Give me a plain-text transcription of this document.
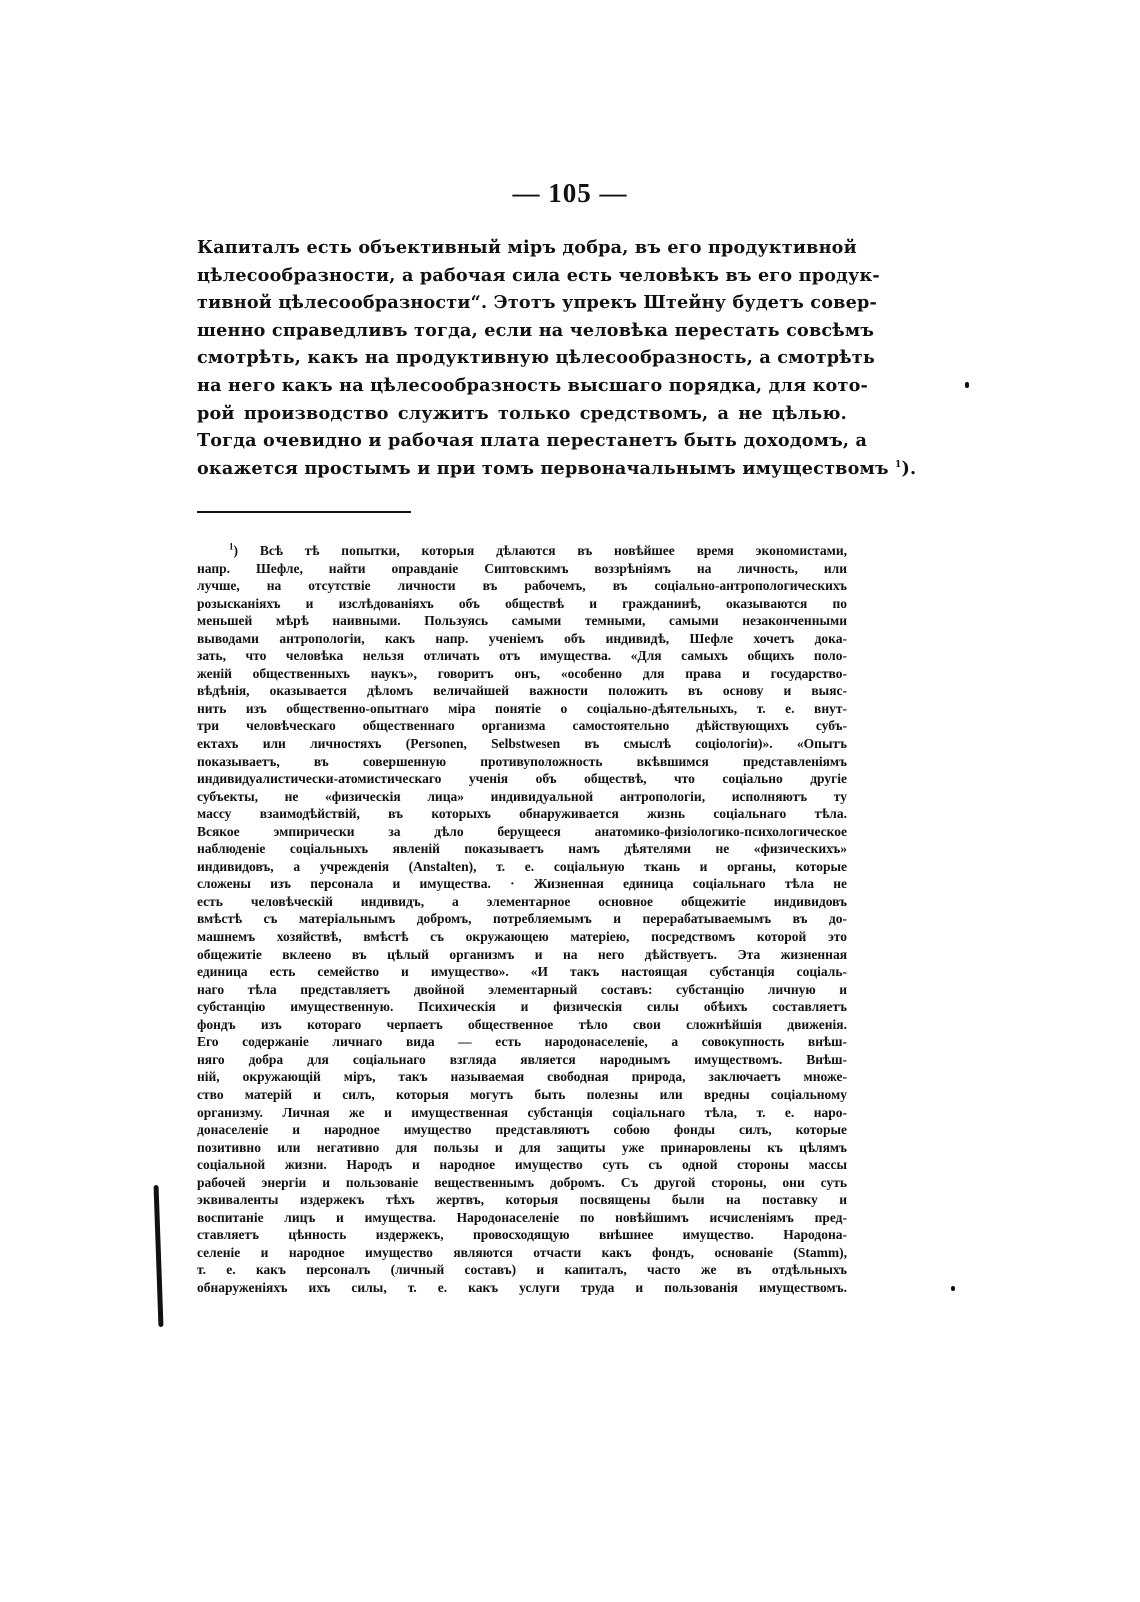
— 105 —
Капиталъ есть объективный міръ добра, въ его продуктивной
цѣлесообразности, а рабочая сила есть человѣкъ въ его продук-
тивной цѣлесообразности“. Этотъ упрекъ Штейну будетъ совер-
шенно справедливъ тогда, если на человѣка перестать совсѣмъ
смотрѣть, какъ на продуктивную цѣлесообразность, а смотрѣть
на него какъ на цѣлесообразность высшаго порядка, для кото-
рой производство служитъ только средствомъ, а не цѣлью.
Тогда очевидно и рабочая плата перестанетъ быть доходомъ, а
окажется простымъ и при томъ первоначальнымъ имуществомъ $^1$).
$^1$) Всѣ тѣ попытки, которыя дѣлаются въ новѣйшее время экономистами,
напр. Шефле, найти оправданіе Сиптовскимъ воззрѣніямъ на личность, или
лучше, на отсутствіе личности въ рабочемъ, въ соціально-антропологическихъ
розысканіяхъ и изслѣдованіяхъ объ обществѣ и гражданинѣ, оказываются по
меньшей мѣрѣ наивными. Пользуясь самыми темными, самыми незаконченными
выводами антропологіи, какъ напр. ученіемъ объ индивидѣ, Шефле хочетъ дока-
зать, что человѣка нельзя отличать отъ имущества. «Для самыхъ общихъ поло-
женій общественныхъ наукъ», говоритъ онъ, «особенно для права и государство-
вѣдѣнія, оказывается дѣломъ величайшей важности положить въ основу и выяс-
нить изъ общественно-опытнаго міра понятіе о соціально-дѣятельныхъ, т. е. внут-
три человѣческаго общественнаго организма самостоятельно дѣйствующихъ субъ-
ектахъ или личностяхъ (Personen, Selbstwesen въ смыслѣ соціологіи)». «Опытъ
показываетъ, въ совершенную противуположность вкѣвшимся представленіямъ
индивидуалистически-атомистическаго ученія объ обществѣ, что соціально другіе
субъекты, не «физическія лица» индивидуальной антропологіи, исполняютъ ту
массу взаимодѣйствій, въ которыхъ обнаруживается жизнь соціальнаго тѣла.
Всякое эмпирически за дѣло берущееся анатомико-физіологико-психологическое
наблюденіе соціальныхъ явленій показываетъ намъ дѣятелями не «физическихъ»
индивидовъ, а учрежденія (Anstalten), т. е. соціальную ткань и органы, которые
сложены изъ персонала и имущества. · Жизненная единица соціальнаго тѣла не
есть человѣческій индивидъ, а элементарное основное общежитіе индивидовъ
вмѣстѣ съ матеріальнымъ добромъ, потребляемымъ и перерабатываемымъ въ до-
машнемъ хозяйствѣ, вмѣстѣ съ окружающею матеріею, посредствомъ которой это
общежитіе вклеено въ цѣлый организмъ и на него дѣйствуетъ. Эта жизненная
единица есть семейство и имущество». «И такъ настоящая субстанція соціаль-
наго тѣла представляетъ двойной элементарный составъ: субстанцію личную и
субстанцію имущественную. Психическія и физическія силы обѣихъ составляетъ
фондъ изъ котораго черпаетъ общественное тѣло свои сложнѣйшія движенія.
Его содержаніе личнаго вида — есть народонаселеніе, а совокупность внѣш-
няго добра для соціальнаго взгляда является народнымъ имуществомъ. Внѣш-
ній, окружающій міръ, такъ называемая свободная природа, заключаетъ множе-
ство матерій и силъ, которыя могутъ быть полезны или вредны соціальному
организму. Личная же и имущественная субстанція соціальнаго тѣла, т. е. наро-
донаселеніе и народное имущество представляютъ собою фонды силъ, которые
позитивно или негативно для пользы и для защиты уже принаровлены къ цѣлямъ
соціальной жизни. Народъ и народное имущество суть съ одной стороны массы
рабочей энергіи и пользованіе вещественнымъ добромъ. Съ другой стороны, они суть
эквиваленты издержекъ тѣхъ жертвъ, которыя посвящены были на поставку и
воспитаніе лицъ и имущества. Народонаселеніе по новѣйшимъ исчисленіямъ пред-
ставляетъ цѣнность издержекъ, провосходящую внѣшнее имущество. Народона-
селеніе и народное имущество являются отчасти какъ фондъ, основаніе (Stamm),
т. е. какъ персоналъ (личный составъ) и капиталъ, часто же въ отдѣльныхъ
обнаруженіяхъ ихъ силы, т. е. какъ услуги труда и пользованія имуществомъ.
